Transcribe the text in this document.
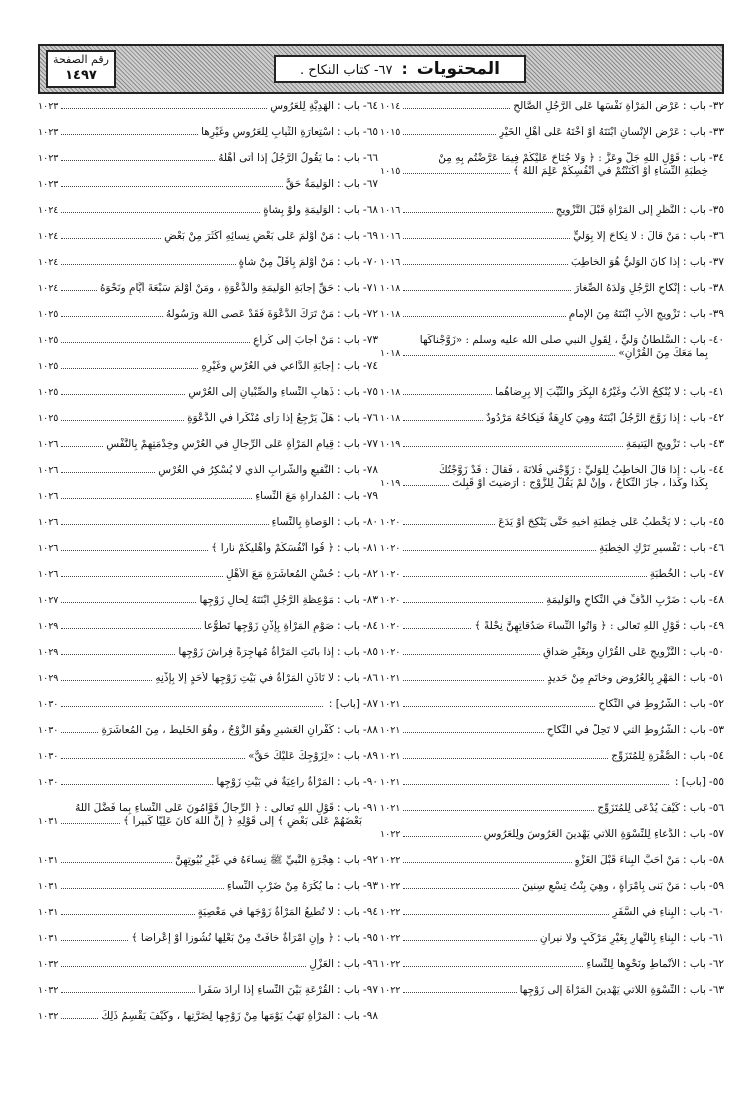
المحتويات : ٦٧- كتاب النكاح .
رقم الصفحة
١٤٩٧
٣٢
-
باب :
عَرْضِ المَرْأةِ نَفْسَها عَلى الرَّجُلِ الصَّالحِ
١٠١٤
٣٣
-
باب :
عَرْضِ الإِنْسانِ ابْنَتَهُ أوْ أخْتَهُ عَلى أهْلِ الخَيْرِ
١٠١٥
٣٤
-
باب :
قَوْلِ اللهِ جَلَّ وعَزَّ : ﴿ وَلا جُنَاحَ عَلَيْكُمْ فِيمَا عَرَّضْتُم بِهِ مِنْ
خِطْبَةِ النِّسَاءِ أوْ أكْنَنْتُمْ في أنْفُسِكُمْ عَلِمَ اللهُ ﴾
١٠١٥
٣٥
-
باب :
النَّظَرِ إلى المَرْأةِ قَبْلَ التَّزْويجِ
١٠١٦
٣٦
-
باب :
مَنْ قالَ : لا نِكاحَ إلا بِوَليٍّ
١٠١٦
٣٧
-
باب :
إذا كانَ الوَليُّ هُوَ الخاطِبَ
١٠١٦
٣٨
-
باب :
إنْكاحِ الرَّجُلِ وَلَدَهُ الصِّغارَ
١٠١٨
٣٩
-
باب :
تَزْويجِ الأبِ ابْنَتَهُ مِنَ الإمامِ
١٠١٨
٤٠
-
باب :
السُّلْطانُ وَليٌّ ، لِقَولِ النبي صلى الله عليه وسلم : «زَوَّجْناكَها
بِما مَعَكَ مِنَ القُرْآنِ»
١٠١٨
٤١
-
باب :
لا يُنْكِحُ الأبُ وغَيْرُهُ البِكْرَ والثَّيِّبَ إلا بِرِضاهُما
١٠١٨
٤٢
-
باب :
إذا زَوَّجَ الرَّجُلُ ابْنَتَهُ وهِيَ كارِهَةٌ فَنِكاحُهُ مَرْدُودٌ
١٠١٨
٤٣
-
باب :
تَزْويجِ اليَتيمَةِ
١٠١٩
٤٤
-
باب :
إذا قالَ الخاطِبُ لِلْوَليِّ : زَوِّجْني فُلانَةَ ، فَقالَ : قَدْ زَوَّجْتُكَ
بِكَذا وكَذا ، جازَ النِّكاحُ ، وإنْ لَمْ يَقُلْ لِلزَّوْجِ : أرَضيتَ أوْ قَبِلْتَ
١٠١٩
٤٥
-
باب :
لا يَخْطُبُ عَلى خِطْبَةِ أخيهِ حَتَّى يَنْكِحَ أوْ يَدَعَ
١٠٢٠
٤٦
-
باب :
تَفْسيرِ تَرْكِ الخِطْبَةِ
١٠٢٠
٤٧
-
باب :
الخُطْبَةِ
١٠٢٠
٤٨
-
باب :
ضَرْبِ الدُّفِّ في النِّكاحِ والوَليمَةِ
١٠٢٠
٤٩
-
باب :
قَوْلِ اللهِ تَعالى : ﴿ وَآتُوا النِّساءَ صَدُقاتِهِنَّ نِحْلَةً ﴾
١٠٢٠
٥٠
-
باب :
التَّزْويجِ عَلى القُرْآنِ وبِغَيْرِ صَداقٍ
١٠٢٠
٥١
-
باب :
المَهْرِ بِالعُرُوضِ وخاتَمٍ مِنْ حَديدٍ
١٠٢١
٥٢
-
باب :
الشُّرُوطِ في النِّكاحِ
١٠٢١
٥٣
-
باب :
الشُّرُوطِ التي لا تَحِلُّ في النِّكاحِ
١٠٢١
٥٤
-
باب :
الصُّفْرَةِ لِلْمُتَزَوِّجِ
١٠٢١
٥٥
-
[باب] :
١٠٢١
٥٦
-
باب :
كَيْفَ يُدْعَى لِلْمُتَزَوِّجِ
١٠٢١
٥٧
-
باب :
الدُّعاءِ لِلنِّسْوَةِ اللاتي يَهْدينَ العَرُوسَ ولِلْعَرُوسِ
١٠٢٢
٥٨
-
باب :
مَنْ أحَبَّ البِناءَ قَبْلَ الغَزْوِ
١٠٢٢
٥٩
-
باب :
مَنْ بَنى بِامْرَأةٍ ، وهِيَ بِنْتُ تِسْعِ سِنينَ
١٠٢٢
٦٠
-
باب :
البِناءِ في السَّفَرِ
١٠٢٢
٦١
-
باب :
البِناءِ بِالنَّهارِ بِغَيْرِ مَرْكَبٍ ولا نيرانٍ
١٠٢٢
٦٢
-
باب :
الأنْماطِ ونَحْوِها لِلنِّساءِ
١٠٢٢
٦٣
-
باب :
النِّسْوَةِ اللاتي يَهْدينَ المَرْأةَ إلى زَوْجِها
١٠٢٢
٦٤
-
باب :
الهَدِيَّةِ لِلْعَرُوسِ
١٠٢٣
٦٥
-
باب :
اسْتِعارَةِ الثِّيابِ لِلْعَرُوسِ وغَيْرِها
١٠٢٣
٦٦
-
باب :
ما يَقُولُ الرَّجُلُ إذا أتى أهْلَهُ
١٠٢٣
٦٧
-
باب :
الوَليمَةُ حَقٌّ
١٠٢٣
٦٨
-
باب :
الوَليمَةِ ولَوْ بِشاةٍ
١٠٢٤
٦٩
-
باب :
مَنْ أوْلَمَ عَلى بَعْضِ نِسائِهِ أكْثَرَ مِنْ بَعْضٍ
١٠٢٤
٧٠
-
باب :
مَنْ أوْلَمَ بِأقَلَّ مِنْ شاةٍ
١٠٢٤
٧١
-
باب :
حَقِّ إجابَةِ الوَليمَةِ والدَّعْوَةِ ، ومَنْ أوْلَمَ سَبْعَةَ أيَّامٍ ونَحْوَهُ
١٠٢٤
٧٢
-
باب :
مَنْ تَرَكَ الدَّعْوَةَ فَقَدْ عَصى اللهَ ورَسُولَهُ
١٠٢٥
٧٣
-
باب :
مَنْ أجابَ إلى كُراعٍ
١٠٢٥
٧٤
-
باب :
إجابَةِ الدَّاعي في العُرْسِ وغَيْرِهِ
١٠٢٥
٧٥
-
باب :
ذَهابِ النِّساءِ والصِّبْيانِ إلى العُرْسِ
١٠٢٥
٧٦
-
باب :
هَلْ يَرْجِعُ إذا رَأى مُنْكَراً في الدَّعْوَةِ
١٠٢٥
٧٧
-
باب :
قِيامِ المَرْأةِ عَلى الرِّجالِ في العُرْسِ وخِدْمَتِهِمْ بِالنَّفْسِ
١٠٢٦
٧٨
-
باب :
النَّقيعِ والشَّرابِ الذي لا يُسْكِرُ في العُرْسِ
١٠٢٦
٧٩
-
باب :
المُداراةِ مَعَ النِّساءِ
١٠٢٦
٨٠
-
باب :
الوَصاةِ بِالنِّساءِ
١٠٢٦
٨١
-
باب :
﴿ قُوا أنْفُسَكُمْ وأهْليكُمْ ناراً ﴾
١٠٢٦
٨٢
-
باب :
حُسْنِ المُعاشَرَةِ مَعَ الأهْلِ
١٠٢٦
٨٣
-
باب :
مَوْعِظَةِ الرَّجُلِ ابْنَتَهُ لِحالِ زَوْجِها
١٠٢٧
٨٤
-
باب :
صَوْمِ المَرْأةِ بِإذْنِ زَوْجِها تَطَوُّعاً
١٠٢٩
٨٥
-
باب :
إذا باتَتِ المَرْأةُ مُهاجِرَةً فِراشَ زَوْجِها
١٠٢٩
٨٦
-
باب :
لا تَأذَنِ المَرْأةُ في بَيْتِ زَوْجِها لأحَدٍ إلا بِإذْنِهِ
١٠٢٩
٨٧
-
[باب] :
١٠٣٠
٨٨
-
باب :
كُفْرانِ العَشيرِ وهُوَ الزَّوْجُ ، وهُوَ الخَليطُ ، مِنَ المُعاشَرَةِ
١٠٣٠
٨٩
-
باب :
«لِزَوْجِكَ عَلَيْكَ حَقٌّ»
١٠٣٠
٩٠
-
باب :
المَرْأةُ راعِيَةٌ في بَيْتِ زَوْجِها
١٠٣٠
٩١
-
باب :
قَوْلِ اللهِ تَعالى : ﴿ الرِّجالُ قَوَّامُونَ عَلى النِّساءِ بِما فَضَّلَ اللهُ
بَعْضَهُمْ عَلى بَعْضٍ ﴾ إلى قَوْلِهِ ﴿ إنَّ اللهَ كانَ عَلِيّاً كَبيراً ﴾
١٠٣١
٩٢
-
باب :
هِجْرَةِ النَّبيِّ ﷺ نِساءَهُ في غَيْرِ بُيُوتِهِنَّ
١٠٣١
٩٣
-
باب :
ما يُكْرَهُ مِنْ ضَرْبِ النِّساءِ
١٠٣١
٩٤
-
باب :
لا تُطيعُ المَرْأةُ زَوْجَها في مَعْصِيَةٍ
١٠٣١
٩٥
-
باب :
﴿ وإنِ امْرَأةٌ خافَتْ مِنْ بَعْلِها نُشُوزاً أوْ إعْراضاً ﴾
١٠٣١
٩٦
-
باب :
العَزْلِ
١٠٣٢
٩٧
-
باب :
القُرْعَةِ بَيْنَ النِّساءِ إذا أرادَ سَفَراً
١٠٣٢
٩٨
-
باب :
المَرْأةِ تَهَبُ يَوْمَها مِنْ زَوْجِها لِضَرَّتِها ، وكَيْفَ يَقْسِمُ ذَلِكَ
١٠٣٢
